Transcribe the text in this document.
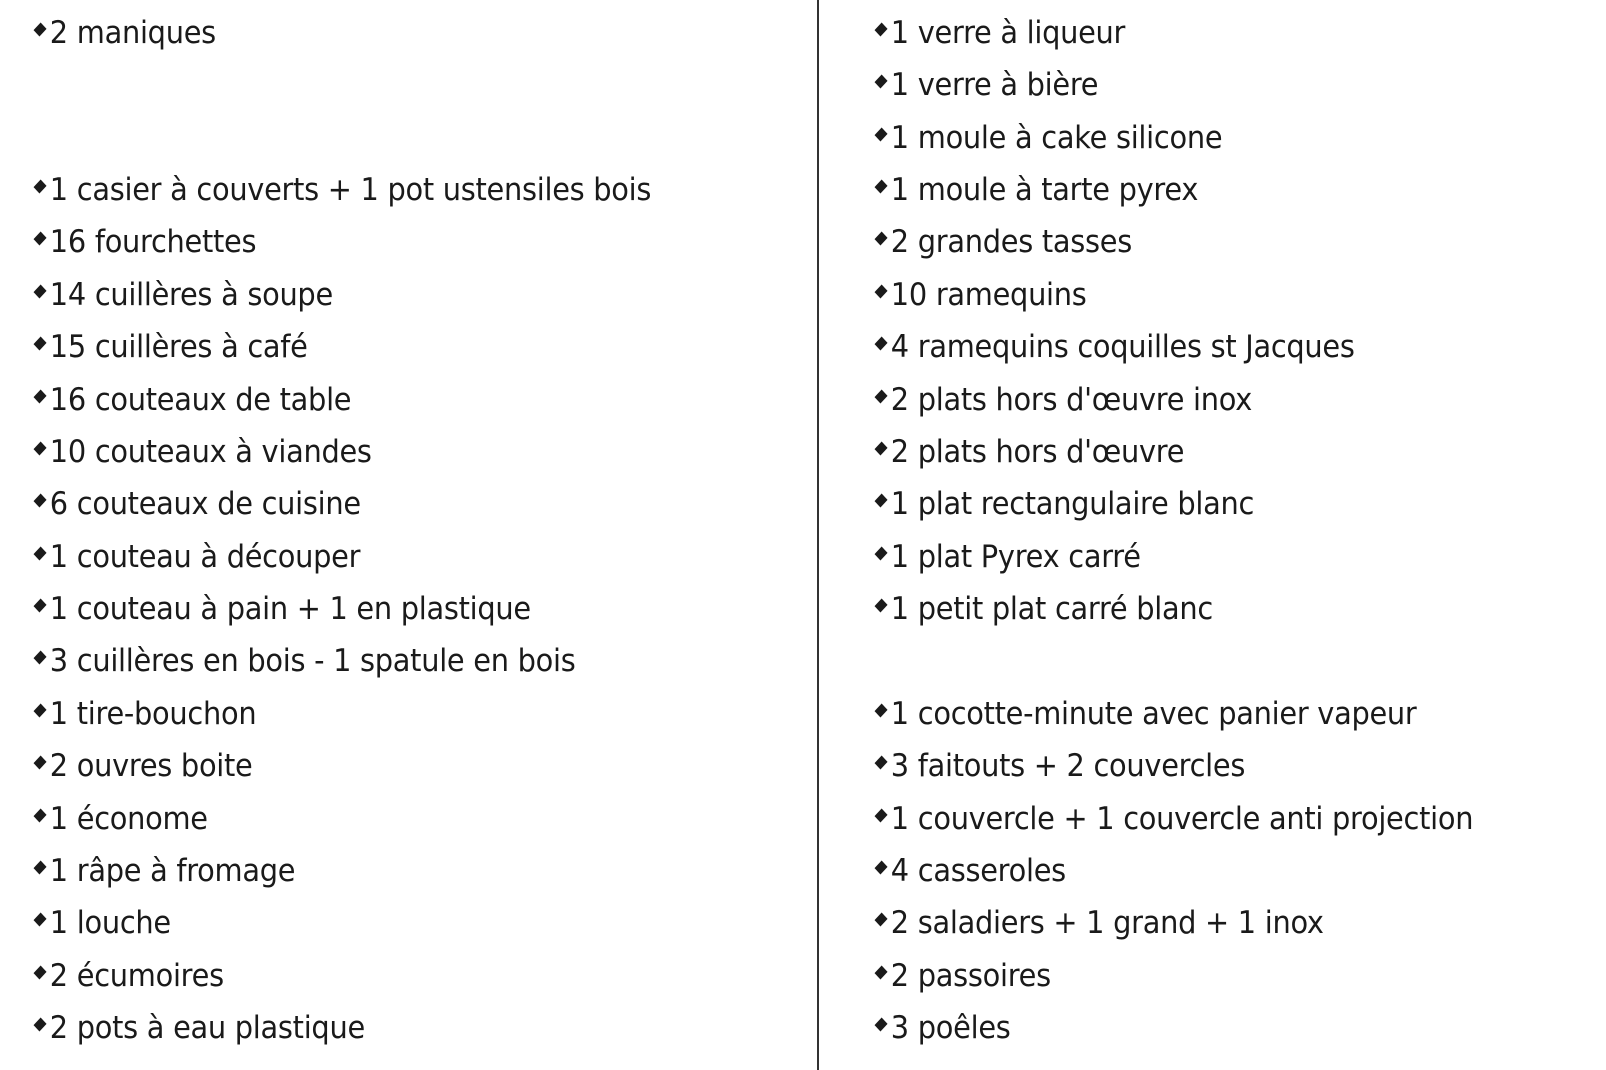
2 maniques
1 casier à couverts + 1 pot ustensiles bois
16 fourchettes
14 cuillères à soupe
15 cuillères à café
16 couteaux de table
10 couteaux à viandes
6 couteaux de cuisine
1 couteau à découper
1 couteau à pain + 1 en plastique
3 cuillères en bois - 1 spatule en bois
1 tire-bouchon
2 ouvres boite
1 économe
1 râpe à fromage
1 louche
2 écumoires
2 pots à eau plastique
1 verre à liqueur
1 verre à bière
1 moule à cake silicone
1 moule à tarte pyrex
2 grandes tasses
10 ramequins
4 ramequins coquilles st Jacques
2 plats hors d'œuvre inox
2 plats hors d'œuvre
1 plat rectangulaire blanc
1 plat Pyrex carré
1 petit plat carré blanc
1 cocotte-minute avec panier vapeur
3 faitouts + 2 couvercles
1 couvercle + 1 couvercle anti projection
4 casseroles
2 saladiers + 1 grand + 1 inox
2 passoires
3 poêles
